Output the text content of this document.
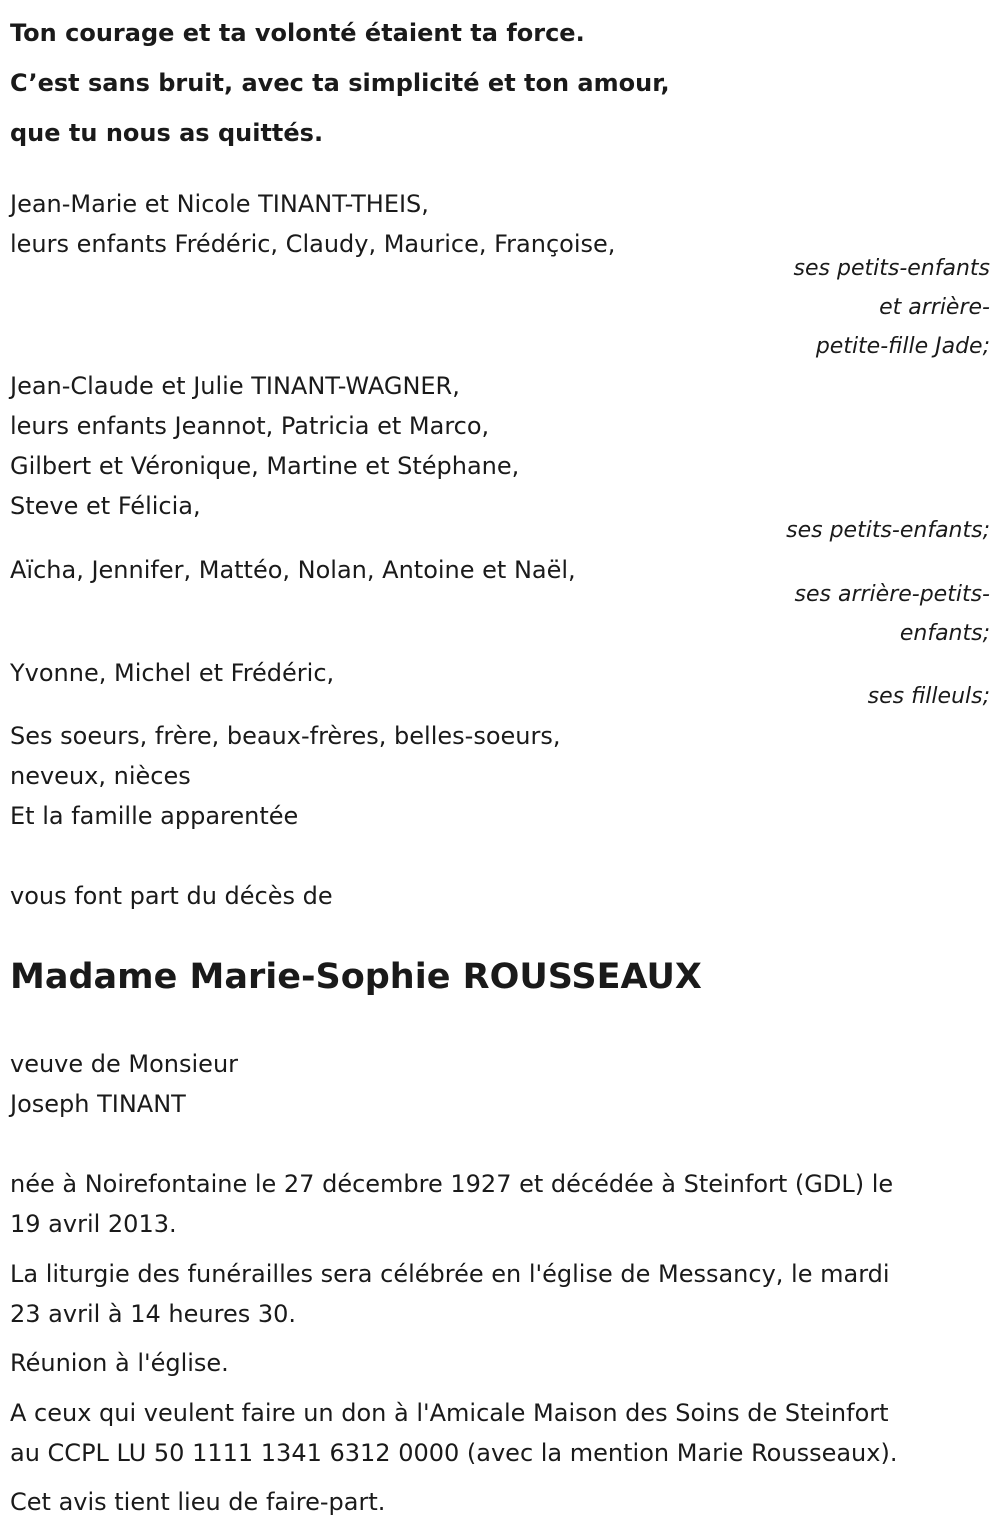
Ton courage et ta volonté étaient ta force.
C’est sans bruit, avec ta simplicité et ton amour,
que tu nous as quittés.
Jean-Marie et Nicole TINANT-THEIS,
leurs enfants Frédéric, Claudy, Maurice, Françoise,
ses petits-enfants
et arrière-
petite-fille Jade;
Jean-Claude et Julie TINANT-WAGNER,
leurs enfants Jeannot, Patricia et Marco,
Gilbert et Véronique, Martine et Stéphane,
Steve et Félicia,
ses petits-enfants;
Aïcha, Jennifer, Mattéo, Nolan, Antoine et Naël,
ses arrière-petits-
enfants;
Yvonne, Michel et Frédéric,
ses filleuls;
Ses soeurs, frère, beaux-frères, belles-soeurs,
neveux, nièces
Et la famille apparentée
vous font part du décès de
Madame Marie-Sophie ROUSSEAUX
veuve de Monsieur
Joseph TINANT
née à Noirefontaine le 27 décembre 1927 et décédée à Steinfort (GDL) le
19 avril 2013.
La liturgie des funérailles sera célébrée en l'église de Messancy, le mardi
23 avril à 14 heures 30.
Réunion à l'église.
A ceux qui veulent faire un don à l'Amicale Maison des Soins de Steinfort
au CCPL LU 50 1111 1341 6312 0000 (avec la mention Marie Rousseaux).
Cet avis tient lieu de faire-part.
